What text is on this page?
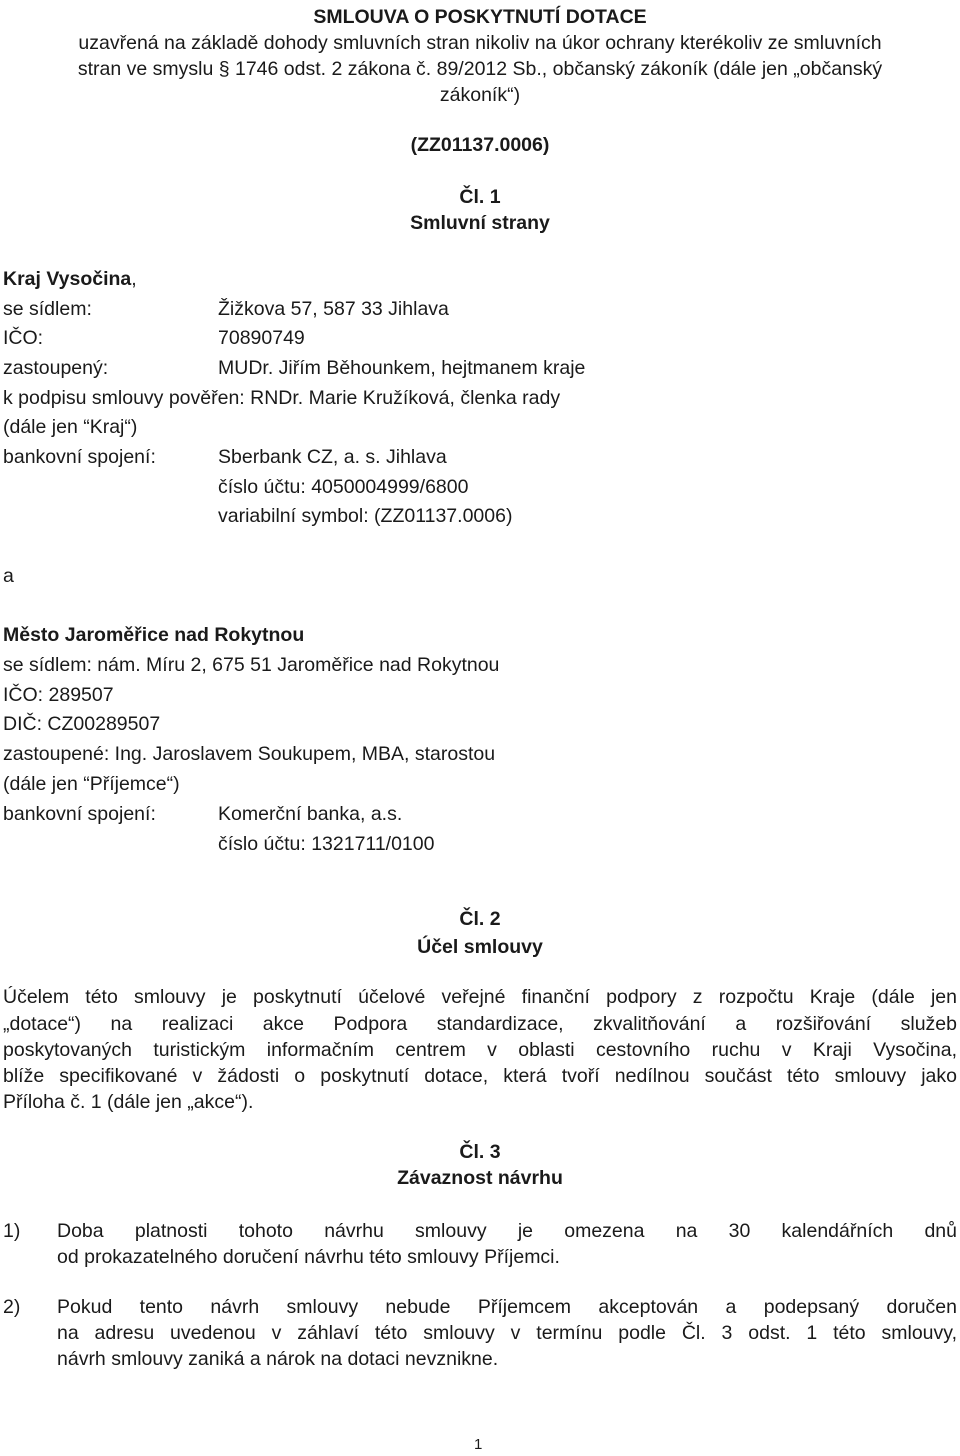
SMLOUVA O POSKYTNUTÍ DOTACE
uzavřená na základě dohody smluvních stran nikoliv na úkor ochrany kterékoliv ze smluvních
stran ve smyslu § 1746 odst. 2 zákona č. 89/2012 Sb., občanský zákoník (dále jen „občanský
zákoník“)
(ZZ01137.0006)
Čl. 1
Smluvní strany
Kraj Vysočina,
se sídlem:	Žižkova 57, 587 33 Jihlava
IČO:	70890749
zastoupený:	MUDr. Jiřím Běhounkem, hejtmanem kraje
k podpisu smlouvy pověřen: RNDr. Marie Kružíková, členka rady
(dále jen “Kraj“)
bankovní spojení:	Sberbank CZ, a. s. Jihlava
číslo účtu: 4050004999/6800
variabilní symbol: (ZZ01137.0006)
a
Město Jaroměřice nad Rokytnou
se sídlem: nám. Míru 2, 675 51 Jaroměřice nad Rokytnou
IČO: 289507
DIČ: CZ00289507
zastoupené: Ing. Jaroslavem Soukupem, MBA, starostou
(dále jen “Příjemce“)
bankovní spojení:	Komerční banka, a.s.
číslo účtu: 1321711/0100
Čl. 2
Účel smlouvy
Účelem této smlouvy je poskytnutí účelové veřejné finanční podpory z rozpočtu Kraje (dále jen
„dotace“) na realizaci akce Podpora standardizace, zkvalitňování a rozšiřování služeb
poskytovaných turistickým informačním centrem v oblasti cestovního ruchu v Kraji Vysočina,
blíže specifikované v žádosti o poskytnutí dotace, která tvoří nedílnou součást této smlouvy jako
Příloha č. 1 (dále jen „akce“).
Čl. 3
Závaznost návrhu
1) Doba platnosti tohoto návrhu smlouvy je omezena na 30 kalendářních dnů
od prokazatelného doručení návrhu této smlouvy Příjemci.
2) Pokud tento návrh smlouvy nebude Příjemcem akceptován a podepsaný doručen
na adresu uvedenou v záhlaví této smlouvy v termínu podle Čl. 3 odst. 1 této smlouvy,
návrh smlouvy zaniká a nárok na dotaci nevznikne.
1
